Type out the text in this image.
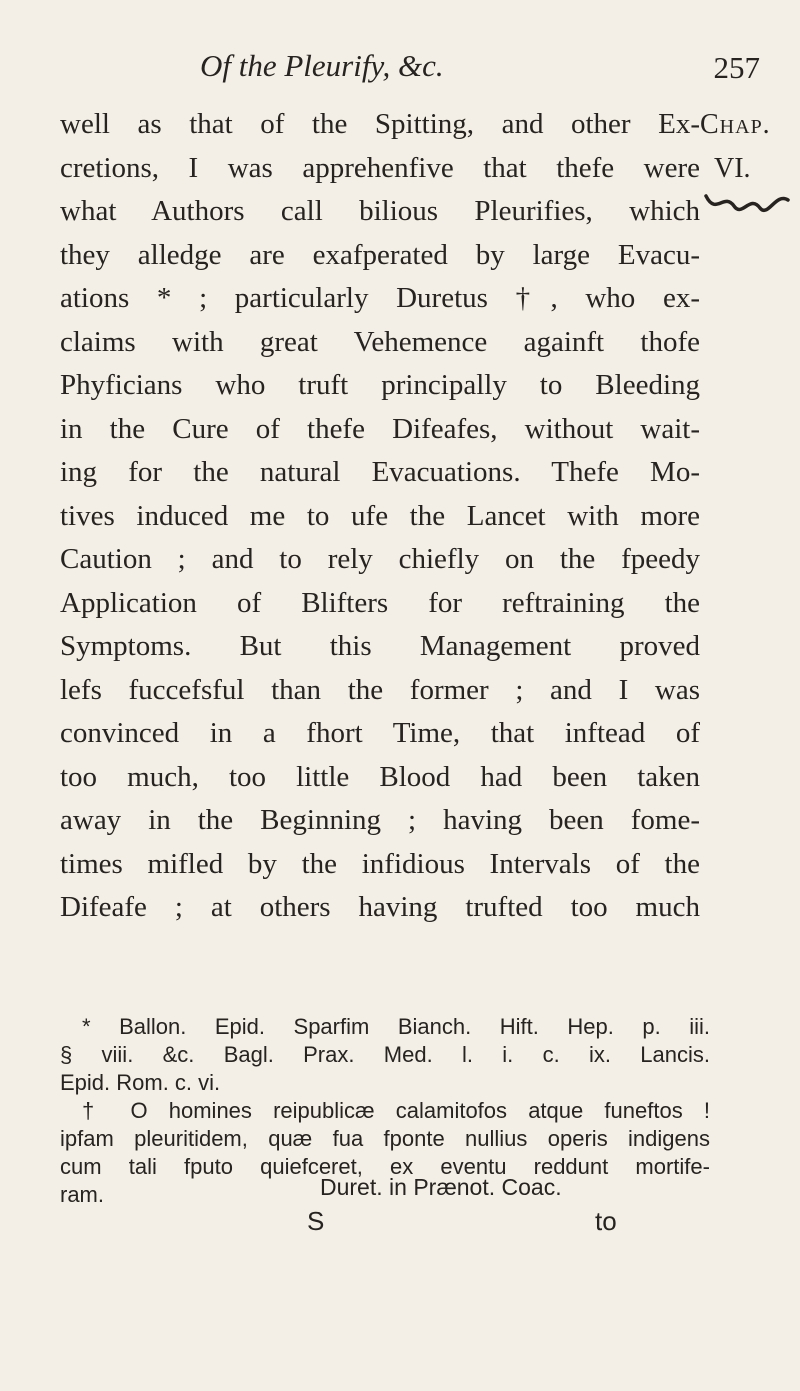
Of the Pleurify, &c.	257
Chap.
VI.
well as that of the Spitting, and other Ex-
cretions, I was apprehenfive that thefe were
what Authors call bilious Pleurifies, which
they alledge are exafperated by large Evacu-
ations * ; particularly Duretus †, who ex-
claims with great Vehemence againft thofe
Phyficians who truft principally to Bleeding
in the Cure of thefe Difeafes, without wait-
ing for the natural Evacuations. Thefe Mo-
tives induced me to ufe the Lancet with more
Caution ; and to rely chiefly on the fpeedy
Application of Blifters for reftraining the
Symptoms. But this Management proved
lefs fuccefsful than the former ; and I was
convinced in a fhort Time, that inftead of
too much, too little Blood had been taken
away in the Beginning ; having been fome-
times mifled by the infidious Intervals of the
Difeafe ; at others having trufted too much
* Ballon. Epid. Sparfim Bianch. Hift. Hep. p. iii.
§ viii. &c. Bagl. Prax. Med. l. i. c. ix. Lancis.
Epid. Rom. c. vi.
† O homines reipublicæ calamitofos atque funeftos !
ipfam pleuritidem, quæ fua fponte nullius operis indigens
cum tali fputo quiefceret, ex eventu reddunt mortife-
ram.	Duret. in Prænot. Coac.
S	to
